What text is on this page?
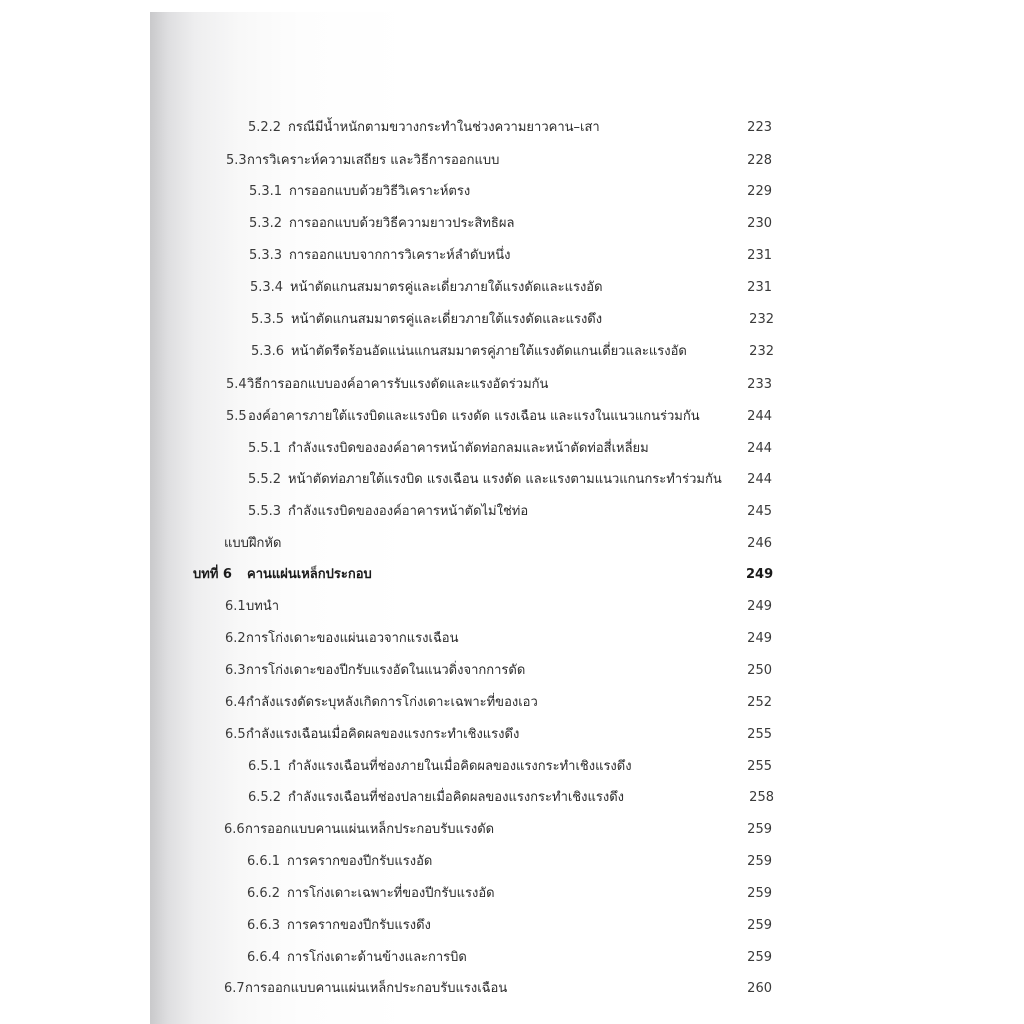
5.2.2 กรณีมีน้ำหนักตามขวางกระทำในช่วงความยาวคาน–เสา	223
5.3 การวิเคราะห์ความเสถียร และวิธีการออกแบบ	228
5.3.1 การออกแบบด้วยวิธีวิเคราะห์ตรง	229
5.3.2 การออกแบบด้วยวิธีความยาวประสิทธิผล	230
5.3.3 การออกแบบจากการวิเคราะห์ลำดับหนึ่ง	231
5.3.4 หน้าตัดแกนสมมาตรคู่และเดี่ยวภายใต้แรงดัดและแรงอัด	231
5.3.5 หน้าตัดแกนสมมาตรคู่และเดี่ยวภายใต้แรงดัดและแรงดึง	232
5.3.6 หน้าตัดรีดร้อนอัดแน่นแกนสมมาตรคู่ภายใต้แรงดัดแกนเดี่ยวและแรงอัด	232
5.4 วิธีการออกแบบองค์อาคารรับแรงดัดและแรงอัดร่วมกัน	233
5.5 องค์อาคารภายใต้แรงบิดและแรงบิด แรงดัด แรงเฉือน และแรงในแนวแกนร่วมกัน	244
5.5.1 กำลังแรงบิดขององค์อาคารหน้าตัดท่อกลมและหน้าตัดท่อสี่เหลี่ยม	244
5.5.2 หน้าตัดท่อภายใต้แรงบิด แรงเฉือน แรงดัด และแรงตามแนวแกนกระทำร่วมกัน 244
5.5.3 กำลังแรงบิดขององค์อาคารหน้าตัดไม่ใช่ท่อ	245
แบบฝึกหัด	246
บทที่ 6 คานแผ่นเหล็กประกอบ	249
6.1 บทนำ	249
6.2 การโก่งเดาะของแผ่นเอวจากแรงเฉือน	249
6.3 การโก่งเดาะของปีกรับแรงอัดในแนวดิ่งจากการดัด	250
6.4 กำลังแรงดัดระบุหลังเกิดการโก่งเดาะเฉพาะที่ของเอว	252
6.5 กำลังแรงเฉือนเมื่อคิดผลของแรงกระทำเชิงแรงดึง	255
6.5.1 กำลังแรงเฉือนที่ช่องภายในเมื่อคิดผลของแรงกระทำเชิงแรงดึง	255
6.5.2 กำลังแรงเฉือนที่ช่องปลายเมื่อคิดผลของแรงกระทำเชิงแรงดึง	258
6.6 การออกแบบคานแผ่นเหล็กประกอบรับแรงดัด	259
6.6.1 การครากของปีกรับแรงอัด	259
6.6.2 การโก่งเดาะเฉพาะที่ของปีกรับแรงอัด	259
6.6.3 การครากของปีกรับแรงดึง	259
6.6.4 การโก่งเดาะด้านข้างและการบิด	259
6.7 การออกแบบคานแผ่นเหล็กประกอบรับแรงเฉือน	260
